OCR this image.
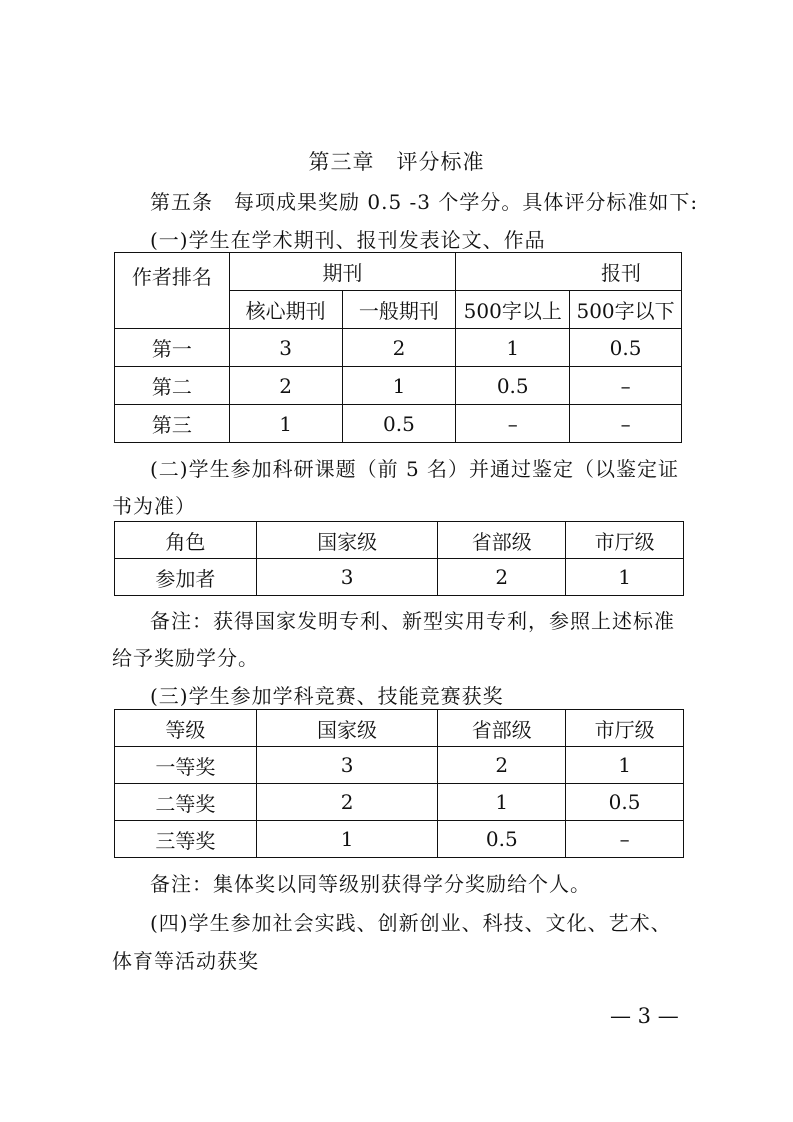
第三章　评分标准
第五条　每项成果奖励 0.5 -3 个学分。具体评分标准如下:
(一)学生在学术期刊、报刊发表论文、作品
作者排名	期刊		报刊	
	核心期刊	一般期刊	500字以上	500字以下
第一	3	2	1	0.5
第二	2	1	0.5	–
第三	1	0.5	–	–
(二)学生参加科研课题（前 5 名）并通过鉴定（以鉴定证
书为准）
角色	国家级	省部级	市厅级
参加者	3	2	1
备注：获得国家发明专利、新型实用专利，参照上述标准
给予奖励学分。
(三)学生参加学科竞赛、技能竞赛获奖
等级	国家级	省部级	市厅级
一等奖	3	2	1
二等奖	2	1	0.5
三等奖	1	0.5	–
备注：集体奖以同等级别获得学分奖励给个人。
(四)学生参加社会实践、创新创业、科技、文化、艺术、
体育等活动获奖
— 3 —
